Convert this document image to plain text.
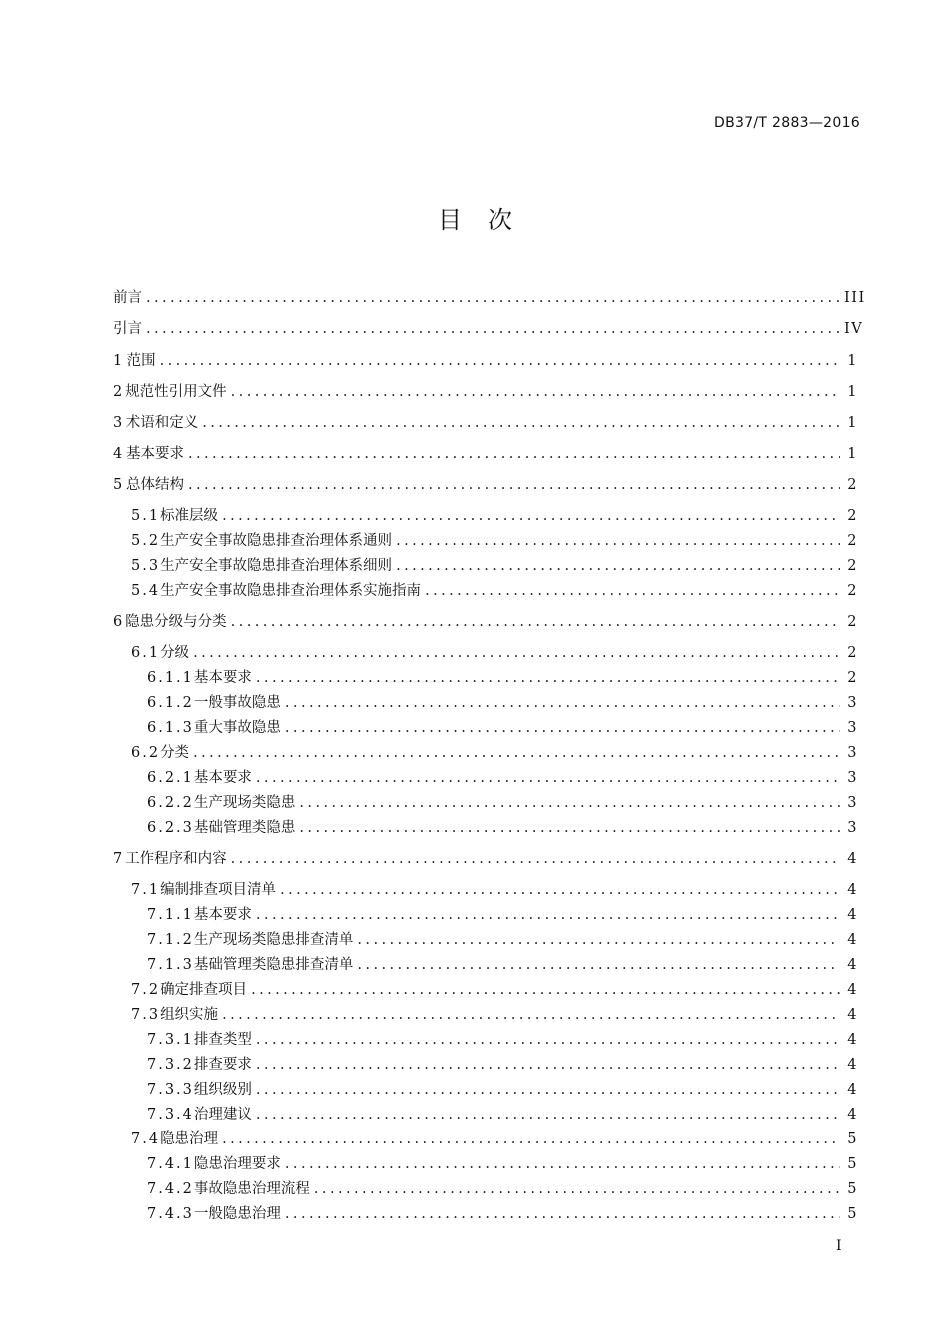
DB37/T 2883—2016
目次
前言 . . .	III
引言 . . .	IV
1 范围 . . .	1
2 规范性引用文件 . . .	1
3 术语和定义 . . .	1
4 基本要求 . . .	1
5 总体结构 . . .	2
5.1 标准层级 . . .	2
5.2 生产安全事故隐患排查治理体系通则 . . .	2
5.3 生产安全事故隐患排查治理体系细则 . . .	2
5.4 生产安全事故隐患排查治理体系实施指南 . . .	2
6 隐患分级与分类 . . .	2
6.1 分级 . . .	2
6.1.1 基本要求 . . .	2
6.1.2 一般事故隐患 . . .	3
6.1.3 重大事故隐患 . . .	3
6.2 分类 . . .	3
6.2.1 基本要求 . . .	3
6.2.2 生产现场类隐患 . . .	3
6.2.3 基础管理类隐患 . . .	3
7 工作程序和内容 . . .	4
7.1 编制排查项目清单 . . .	4
7.1.1 基本要求 . . .	4
7.1.2 生产现场类隐患排查清单 . . .	4
7.1.3 基础管理类隐患排查清单 . . .	4
7.2 确定排查项目 . . .	4
7.3 组织实施 . . .	4
7.3.1 排查类型 . . .	4
7.3.2 排查要求 . . .	4
7.3.3 组织级别 . . .	4
7.3.4 治理建议 . . .	4
7.4 隐患治理 . . .	5
7.4.1 隐患治理要求 . . .	5
7.4.2 事故隐患治理流程 . . .	5
7.4.3 一般隐患治理 . . .	5
I
